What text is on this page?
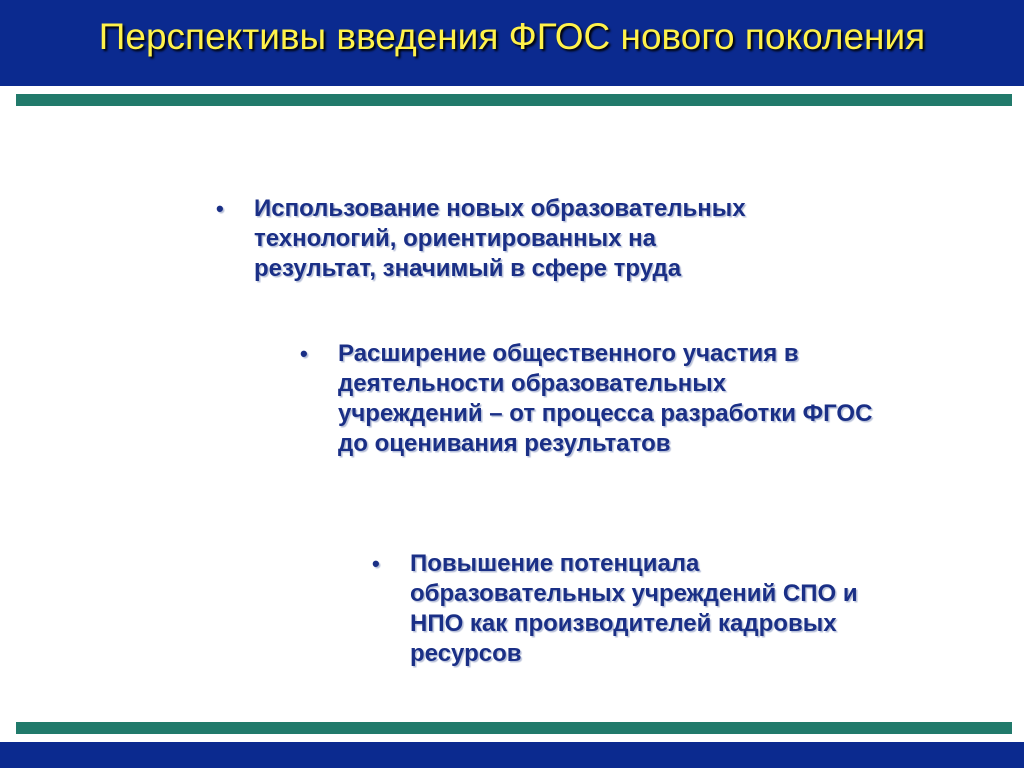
Перспективы введения ФГОС нового поколения
•	Использование новых образовательных
технологий, ориентированных на
результат, значимый в сфере труда
•	Расширение общественного участия в
деятельности образовательных
учреждений – от процесса разработки ФГОС
до оценивания результатов
•	Повышение потенциала
образовательных учреждений СПО и
НПО как производителей кадровых
ресурсов
